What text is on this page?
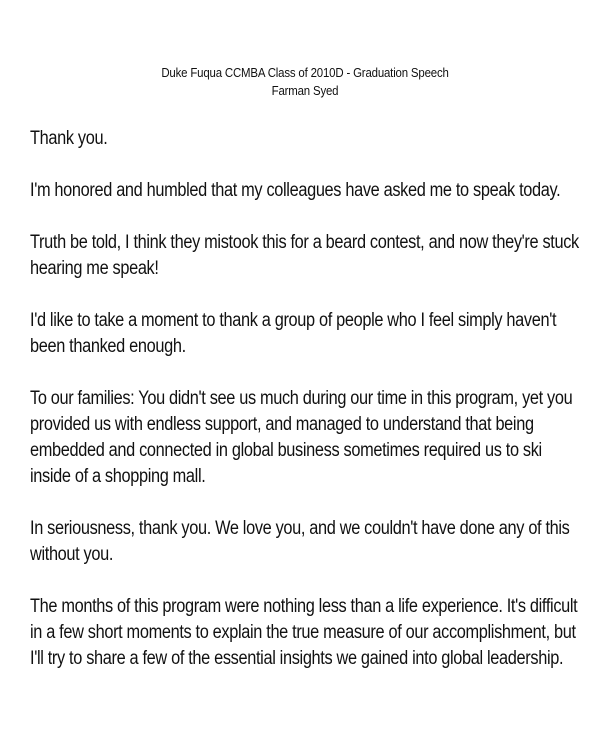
Duke Fuqua CCMBA Class of 2010D - Graduation Speech
Farman Syed

Thank you.

I'm honored and humbled that my colleagues have asked me to speak today.

Truth be told, I think they mistook this for a beard contest, and now they're stuck hearing me speak!

I'd like to take a moment to thank a group of people who I feel simply haven't been thanked enough.

To our families: You didn't see us much during our time in this program, yet you provided us with endless support, and managed to understand that being embedded and connected in global business sometimes required us to ski inside of a shopping mall.

In seriousness, thank you. We love you, and we couldn't have done any of this without you.

The months of this program were nothing less than a life experience. It's difficult in a few short moments to explain the true measure of our accomplishment, but I'll try to share a few of the essential insights we gained into global leadership.
